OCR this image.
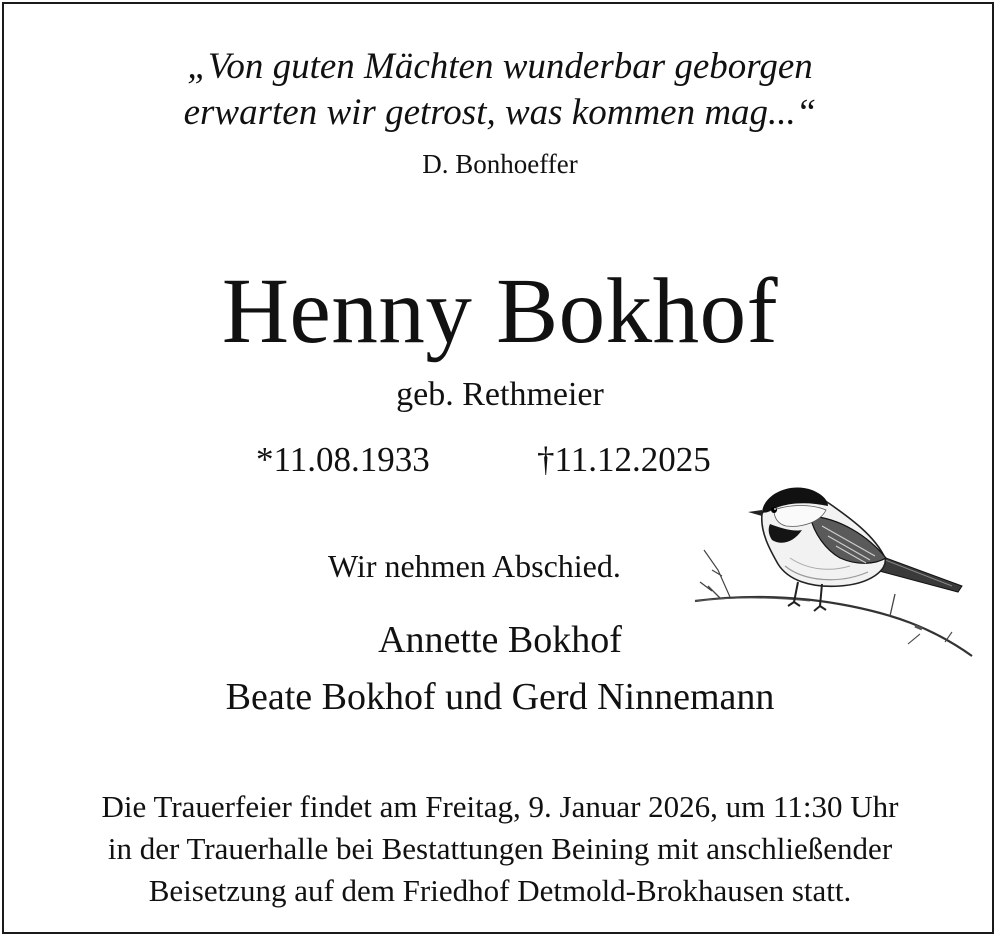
„Von guten Mächten wunderbar geborgen
erwarten wir getrost, was kommen mag...“
D. Bonhoeffer
Henny Bokhof
geb. Rethmeier
*11.08.1933	†11.12.2025
Wir nehmen Abschied.
Annette Bokhof
Beate Bokhof und Gerd Ninnemann
Die Trauerfeier findet am Freitag, 9. Januar 2026, um 11:30 Uhr
in der Trauerhalle bei Bestattungen Beining mit anschließender
Beisetzung auf dem Friedhof Detmold-Brokhausen statt.
